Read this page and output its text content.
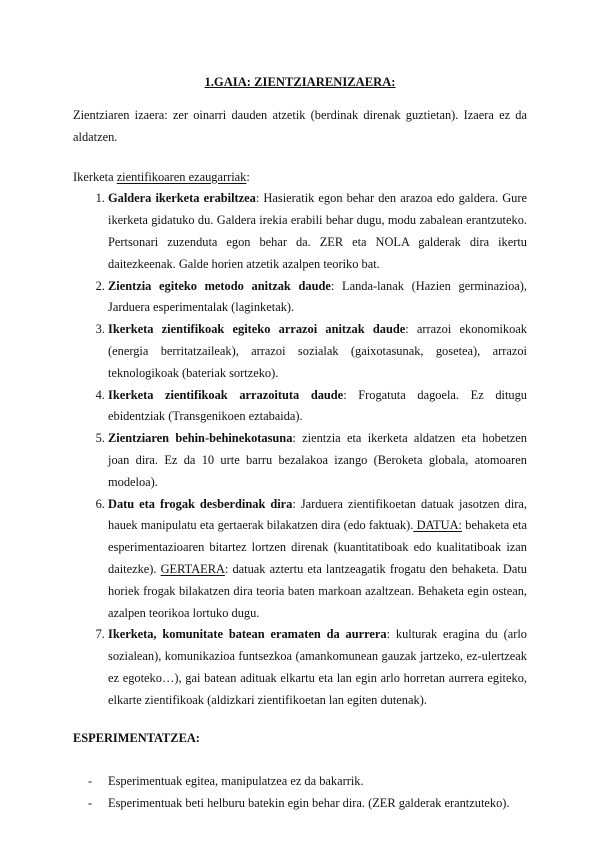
1.GAIA: ZIENTZIARENIZAERA:

Zientziaren izaera: zer oinarri dauden atzetik (berdinak direnak guztietan). Izaera ez da aldatzen.

Ikerketa zientifikoaren ezaugarriak:

1. Galdera ikerketa erabiltzea: Hasieratik egon behar den arazoa edo galdera. Gure ikerketa gidatuko du. Galdera irekia erabili behar dugu, modu zabalean erantzuteko. Pertsonari zuzenduta egon behar da. ZER eta NOLA galderak dira ikertu daitezkeenak. Galde horien atzetik azalpen teoriko bat.
2. Zientzia egiteko metodo anitzak daude: Landa-lanak (Hazien germinazioa), Jarduera esperimentalak (laginketak).
3. Ikerketa zientifikoak egiteko arrazoi anitzak daude: arrazoi ekonomikoak (energia berritatzaileak), arrazoi sozialak (gaixotasunak, gosetea), arrazoi teknologikoak (bateriak sortzeko).
4. Ikerketa zientifikoak arrazoituta daude: Frogatuta dagoela. Ez ditugu ebidentziak (Transgenikoen eztabaida).
5. Zientziaren behin-behinekotasuna: zientzia eta ikerketa aldatzen eta hobetzen joan dira. Ez da 10 urte barru bezalakoa izango (Beroketa globala, atomoaren modeloa).
6. Datu eta frogak desberdinak dira: Jarduera zientifikoetan datuak jasotzen dira, hauek manipulatu eta gertaerak bilakatzen dira (edo faktuak). DATUA: behaketa eta esperimentazioaren bitartez lortzen direnak (kuantitatiboak edo kualitatiboak izan daitezke). GERTAERA: datuak aztertu eta lantzeagatik frogatu den behaketa. Datu horiek frogak bilakatzen dira teoria baten markoan azaltzean. Behaketa egin ostean, azalpen teorikoa lortuko dugu.
7. Ikerketa, komunitate batean eramaten da aurrera: kulturak eragina du (arlo sozialean), komunikazioa funtsezkoa (amankomunean gauzak jartzeko, ez-ulertzeak ez egoteko…), gai batean adituak elkartu eta lan egin arlo horretan aurrera egiteko, elkarte zientifikoak (aldizkari zientifikoetan lan egiten dutenak).
ESPERIMENTATZEA:
- Esperimentuak egitea, manipulatzea ez da bakarrik.
- Esperimentuak beti helburu batekin egin behar dira. (ZER galderak erantzuteko).
